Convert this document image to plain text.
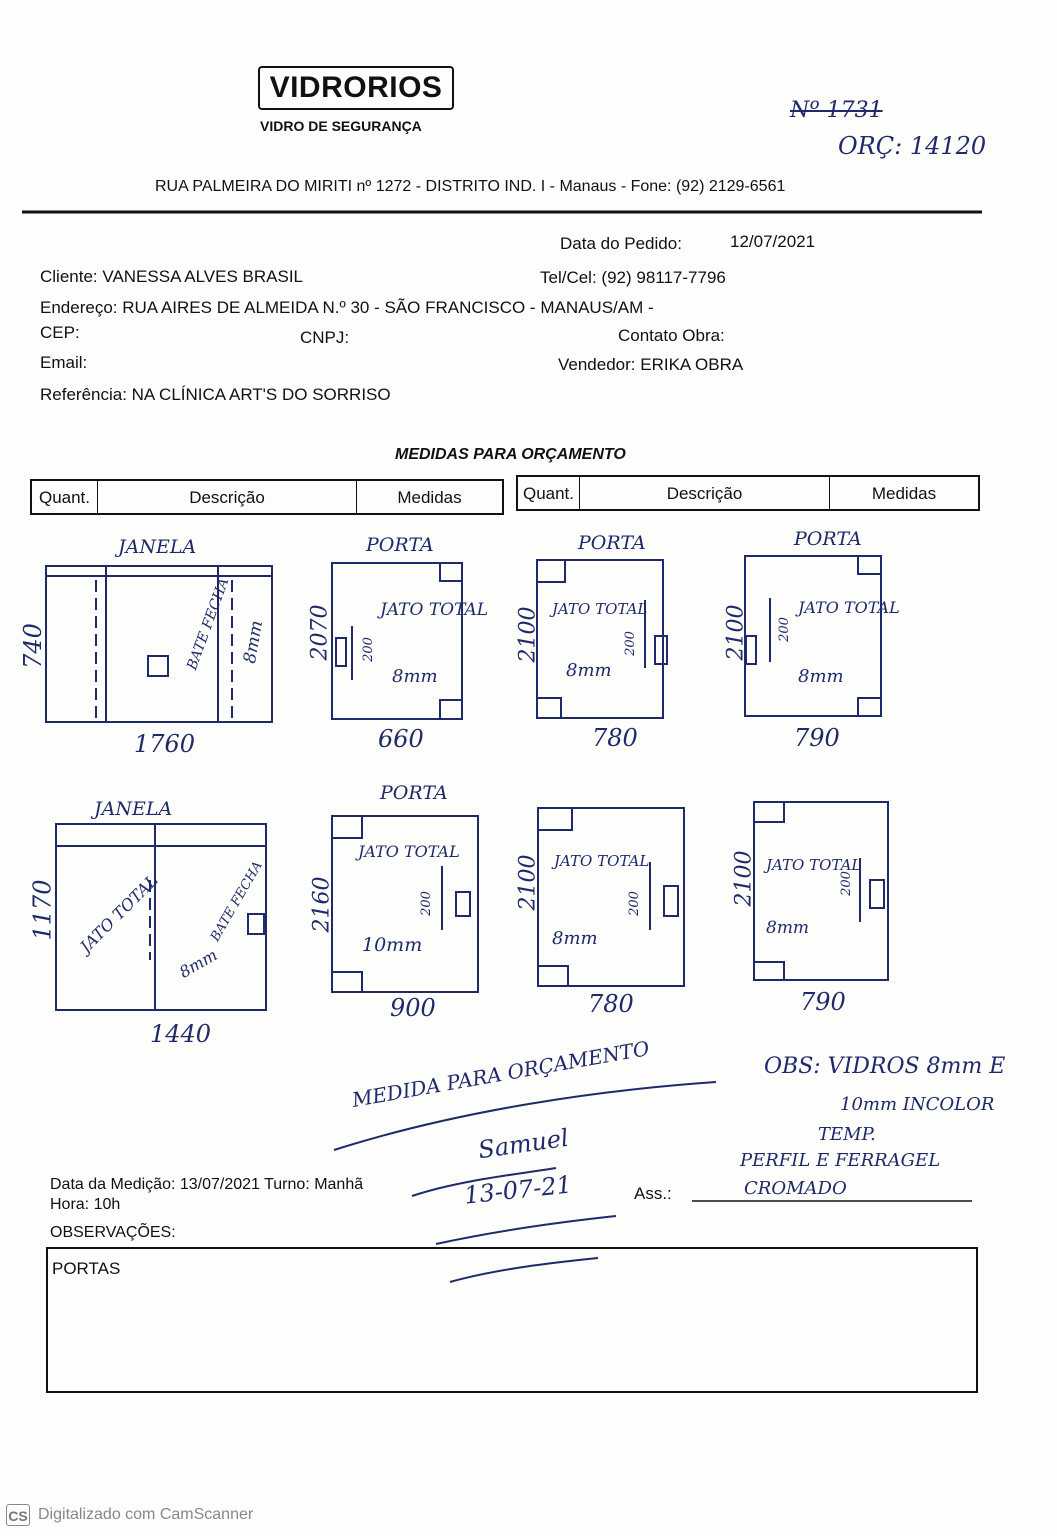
VIDRORIOS
VIDRO DE SEGURANÇA
Nº 1731
ORÇ: 14120
RUA PALMEIRA DO MIRITI nº 1272 - DISTRITO IND. I - Manaus - Fone: (92) 2129-6561
Data do Pedido:	12/07/2021
Cliente: VANESSA ALVES BRASIL	Tel/Cel: (92) 98117-7796
Endereço: RUA AIRES DE ALMEIDA N.º 30 - SÃO FRANCISCO - MANAUS/AM -
CEP:	CNPJ:	Contato Obra:
Email:	Vendedor: ERIKA OBRA
Referência: NA CLÍNICA ART'S DO SORRISO
MEDIDAS PARA ORÇAMENTO
Quant.	Descrição	Medidas	Quant.	Descrição	Medidas
JANELA
740
1760
BATE FECHA 8mm
PORTA
2070
660
JATO TOTAL
8mm
200
PORTA
2100
780
JATO TOTAL
8mm
200
PORTA
2100
790
JATO TOTAL
8mm
200
JANELA
1170
1440
JATO TOTAL	BATE FECHA
8mm
PORTA
2160
900
JATO TOTAL
10mm
200	2100
780
JATO TOTAL
8mm
200	2100
790
JATO TOTAL
8mm
200
MEDIDA PARA ORÇAMENTO	OBS: VIDROS 8mm E
10mm INCOLOR
TEMP.
PERFIL E FERRAGEL
CROMADO
Samuel
13-07-21
Data da Medição: 13/07/2021 Turno: Manhã
Hora: 10h
Ass.:
OBSERVAÇÕES:
PORTAS
CS Digitalizado com CamScanner
